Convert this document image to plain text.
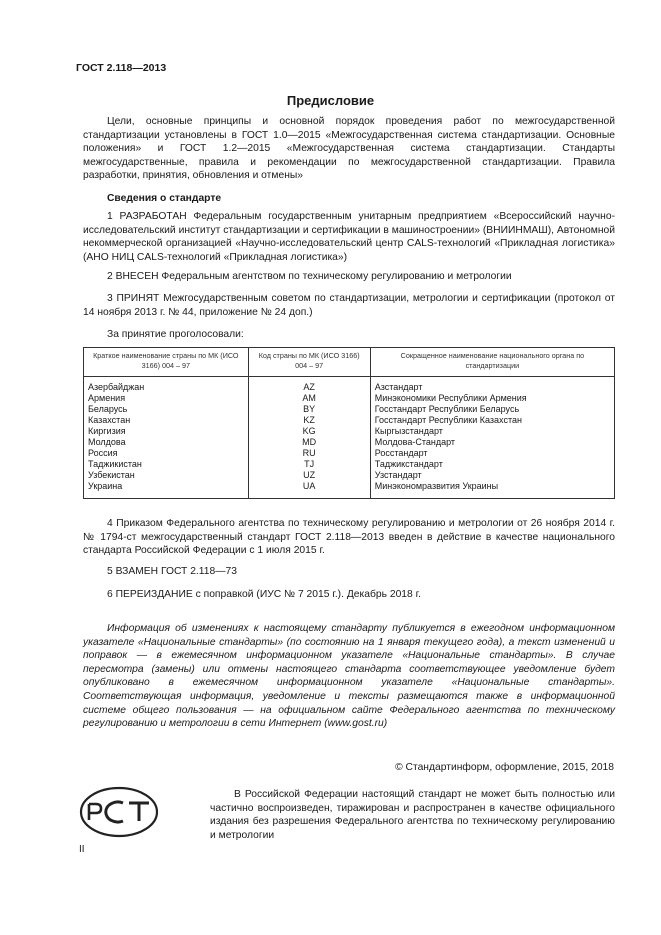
ГОСТ 2.118—2013
Предисловие
Цели, основные принципы и основной порядок проведения работ по межгосударственной стандартизации установлены в ГОСТ 1.0—2015 «Межгосударственная система стандартизации. Основные положения» и ГОСТ 1.2—2015 «Межгосударственная система стандартизации. Стандарты межгосударственные, правила и рекомендации по межгосударственной стандартизации. Правила разработки, принятия, обновления и отмены»
Сведения о стандарте
1 РАЗРАБОТАН Федеральным государственным унитарным предприятием «Всероссийский научно-исследовательский институт стандартизации и сертификации в машиностроении» (ВНИИНМАШ), Автономной некоммерческой организацией «Научно-исследовательский центр CALS-технологий «Прикладная логистика» (АНО НИЦ CALS-технологий «Прикладная логистика»)
2 ВНЕСЕН Федеральным агентством по техническому регулированию и метрологии
3 ПРИНЯТ Межгосударственным советом по стандартизации, метрологии и сертификации (протокол от 14 ноября 2013 г. № 44, приложение № 24 доп.)
За принятие проголосовали:
Краткое наименование страны по МК (ИСО 3166) 004 – 97	Код страны по МК (ИСО 3166) 004 – 97	Сокращенное наименование национального органа по стандартизации
Азербайджан	AZ	Азстандарт
Армения	AM	Минэкономики Республики Армения
Беларусь	BY	Госстандарт Республики Беларусь
Казахстан	KZ	Госстандарт Республики Казахстан
Киргизия	KG	Кыргызстандарт
Молдова	MD	Молдова-Стандарт
Россия	RU	Росстандарт
Таджикистан	TJ	Таджикстандарт
Узбекистан	UZ	Узстандарт
Украина	UA	Минэкономразвития Украины
4 Приказом Федерального агентства по техническому регулированию и метрологии от 26 ноября 2014 г. № 1794-ст межгосударственный стандарт ГОСТ 2.118—2013 введен в действие в качестве национального стандарта Российской Федерации с 1 июля 2015 г.
5 ВЗАМЕН ГОСТ 2.118—73
6 ПЕРЕИЗДАНИЕ с поправкой (ИУС № 7 2015 г.). Декабрь 2018 г.
Информация об изменениях к настоящему стандарту публикуется в ежегодном информационном указателе «Национальные стандарты» (по состоянию на 1 января текущего года), а текст изменений и поправок — в ежемесячном информационном указателе «Национальные стандарты». В случае пересмотра (замены) или отмены настоящего стандарта соответствующее уведомление будет опубликовано в ежемесячном информационном указателе «Национальные стандарты». Соответствующая информация, уведомление и тексты размещаются также в информационной системе общего пользования — на официальном сайте Федерального агентства по техническому регулированию и метрологии в сети Интернет (www.gost.ru)
© Стандартинформ, оформление, 2015, 2018
РСТ
В Российской Федерации настоящий стандарт не может быть полностью или частично воспроизведен, тиражирован и распространен в качестве официального издания без разрешения Федерального агентства по техническому регулированию и метрологии
II
